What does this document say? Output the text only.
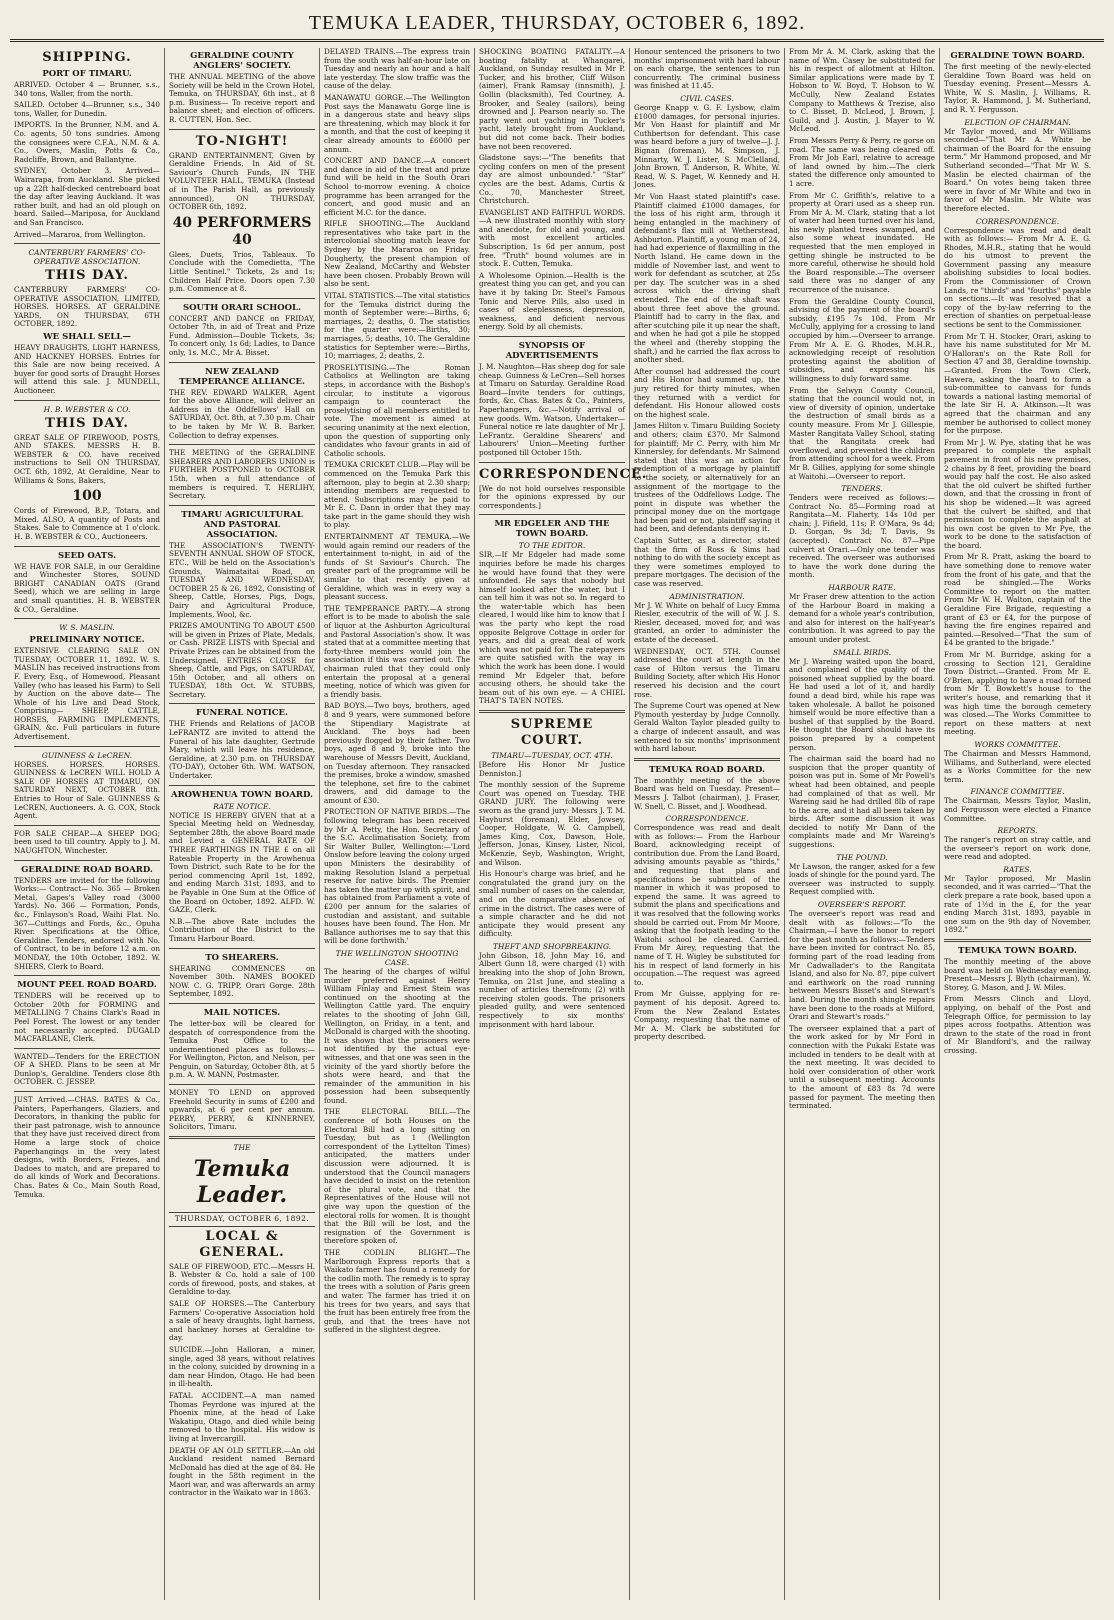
TEMUKA LEADER, THURSDAY, OCTOBER 6, 1892.
SHIPPING.
PORT OF TIMARU.

ARRIVED. October 4 — Brunner, s.s., 340 tons, Waller, from the north.

SAILED. October 4—Brunner, s.s., 340 tons, Waller, for Dunedin.

IMPORTS. In the Brunner, N.M. and A. Co. agents, 50 tons sundries. Among the consignees were C.F.A., N.M. & A. Co., Owers, Maslin, Potts & Co., Radcliffe, Brown, and Ballantyne.

SYDNEY, October 3. Arrived—Wairarapa, from Auckland. She picked up a 22ft half-decked centreboard boat the day after leaving Auckland. It was rather built, and had an old plough on board. Sailed—Mariposa, for Auckland and San Francisco.

Arrived—Mararoa, from Wellington.

CANTERBURY FARMERS' CO-OPERATIVE ASSOCIATION.
THIS DAY.

CANTERBURY FARMERS' CO-OPERATIVE ASSOCIATION, LIMITED, HORSES. HORSES. AT GERALDINE YARDS, ON THURSDAY, 6TH OCTOBER, 1892.

WE SHALL SELL—

HEAVY DRAUGHTS, LIGHT HARNESS, AND HACKNEY HORSES. Entries for this Sale are now being received. A buyer for good sorts of Draught Horses will attend this sale. J. MUNDELL, Auctioneer.

H. B. WEBSTER & CO.
THIS DAY.

GREAT SALE OF FIREWOOD, POSTS, AND STAKES. MESSRS H. B. WEBSTER & CO. have received instructions to Sell ON THURSDAY, OCT. 6th, 1892, At Geraldine, Near to Williams & Sons, Bakers,

100

Cords of Firewood, B.P., Totara, and Mixed. ALSO, A quantity of Posts and Stakes. Sale to Commence at 1 o'clock. H. B. WEBSTER & CO., Auctioneers.

SEED OATS.

WE HAVE FOR SALE, in our Geraldine and Winchester Stores, SOUND BRIGHT CANADIAN OATS (Grand Seed), which we are selling in large and small quantities. H. B. WEBSTER & CO., Geraldine.

W. S. MASLIN.
PRELIMINARY NOTICE.

EXTENSIVE CLEARING SALE ON TUESDAY, OCTOBER 11, 1892. W. S. MASLIN has received instructions from F. Every, Esq., of Homewood, Pleasant Valley (who has leased his Farm) to Sell by Auction on the above date— The Whole of his Live and Dead Stock, Comprising— SHEEP, CATTLE, HORSES, FARMING IMPLEMENTS, GRAIN, &c. Full particulars in future Advertisement.

GUINNESS & LeCREN.

HORSES. HORSES. HORSES. GUINNESS & LeCREN WILL HOLD A SALE OF HORSES AT TIMARU, ON SATURDAY NEXT, OCTOBER 8th. Entries to Hour of Sale. GUINNESS & LeCREN, Auctioneers. A. G. COX, Stock Agent.

FOR SALE CHEAP.—A SHEEP DOG; been used to till country. Apply to J. M. NAUGHTON, Winchester.

GERALDINE ROAD BOARD.

TENDERS are invited for the following Works:— Contract— No. 365 — Broken Metal, Gapes's Valley road (3000 Yards). No. 366 — Formation, Ponds, &c., Finlayson's Road, Waihi Flat. No. 367—Cuttings and Fords, &c., Opuha River. Specifications at the Office, Geraldine. Tenders, endorsed with No. of Contract, to be in before 12 a.m. on MONDAY, the 10th October, 1892. W. SHIERS, Clerk to Board.

MOUNT PEEL ROAD BOARD.

TENDERS will be received up to October 20th for FORMING and METALLING 7 Chains Clark's Road in Peel Forest. The lowest or any tender not necessarily accepted. DUGALD MACFARLANE, Clerk.

WANTED—Tenders for the ERECTION OF A SHED. Plans to be seen at Mr Dunlop's, Geraldine. Tenders close 8th OCTOBER. C. JESSEP.

JUST Arrived.—CHAS. BATES & Co., Painters, Paperhangers, Glaziers, and Decorators, in thanking the public for their past patronage, wish to announce that they have just received direct from Home a large stock of choice Paperhangings in the very latest designs, with Borders, Friezes, and Dadoes to match, and are prepared to do all kinds of Work and Decorations. Chas. Bates & Co., Main South Road, Temuka.

GERALDINE COUNTY ANGLERS' SOCIETY.

THE ANNUAL MEETING of the above Society will be held in the Crown Hotel, Temuka, on THURSDAY, 6th inst., at 8 p.m. Business— To receive report and balance sheet; and election of officers. R. CUTTEN, Hon. Sec.

TO-NIGHT!

GRAND ENTERTAINMENT, Given by Geraldine Friends, In Aid of St. Saviour's Church Funds, IN THE VOLUNTEER HALL, TEMUKA (Instead of in The Parish Hall, as previously announced), ON THURSDAY, OCTOBER 6th, 1892.

40 PERFORMERS 40

Glees, Duets, Trios, Tableaux. To Conclude with the Comedietta, "The Little Sentinel." Tickets, 2s and 1s; Children Half Price. Doors open 7.30 p.m. Commence at 8.

SOUTH ORARI SCHOOL.

CONCERT AND DANCE on FRIDAY, October 7th, in aid of Treat and Prize Fund. Admission—Double Tickets, 3s; To concert only, 1s 6d; Ladies, to Dance only, 1s. M.C., Mr A. Bisset.

NEW ZEALAND TEMPERANCE ALLIANCE.

THE REV. EDWARD WALKER, Agent for the above Alliance, will deliver an Address in the Oddfellows' Hall on SATURDAY, Oct. 8th, at 7.30 p.m. Chair to be taken by Mr W. B. Barker. Collection to defray expenses.

THE MEETING of the GERALDINE SHEARERS AND LABORERS UNION is FURTHER POSTPONED to OCTOBER 15th, when a full attendance of members is required. T. HERLIHY, Secretary.

TIMARU AGRICULTURAL AND PASTORAL ASSOCIATION.

THE ASSOCIATION'S TWENTY-SEVENTH ANNUAL SHOW OF STOCK, ETC., Will be held on the Association's Grounds, Waimataitai Road, on TUESDAY AND WEDNESDAY, OCTOBER 25 & 26, 1892, Consisting of Sheep, Cattle, Horses, Pigs, Dogs, Dairy and Agricultural Produce, Implements, Wool, &c.

PRIZES AMOUNTING TO ABOUT £500 will be given in Prizes of Plate, Medals, or Cash. PRIZE LISTS with Special and Private Prizes can be obtained from the Undersigned. ENTRIES CLOSE for Sheep, Cattle, and Pigs, on SATURDAY, 15th October, and all others on TUESDAY, 18th Oct. W. STUBBS, Secretary.

FUNERAL NOTICE.

THE Friends and Relations of JACOB LeFRANTZ are invited to attend the Funeral of his late daughter, Gertrude Mary, which will leave his residence, Geraldine, at 2.30 p.m. on THURSDAY (TO-DAY), October 6th. WM. WATSON, Undertaker.

AROWHENUA TOWN BOARD.
RATE NOTICE.

NOTICE IS HEREBY GIVEN that at a Special Meeting held on Wednesday, September 28th, the above Board made and Levied a GENERAL RATE OF THREE FARTHINGS IN THE £ on all Rateable Property in the Arowhenua Town District, such Rate to be for the period commencing April 1st, 1892, and ending March 31st, 1893, and to be Payable in One Sum at the Office of the Board on October, 1892. ALFD. W. GAZE, Clerk.

N.B.—The above Rate includes the Contribution of the District to the Timaru Harbour Board.

TO SHEARERS.

SHEARING COMMENCES on November 30th. NAMES BOOKED NOW. C. G. TRIPP, Orari Gorge. 28th September, 1892.

MAIL NOTICES.

The letter-box will be cleared for despatch of correspondence from the Temuka Post Office to the undermentioned places as follows:— For Wellington, Picton, and Nelson, per Penguin, on Saturday, October 8th, at 5 p.m. A. W. MANN, Postmaster.

MONEY TO LEND on approved Freehold Security in sums of £200 and upwards, at 6 per cent per annum. PERRY, PERRY, & KINNERNEY, Solicitors, Timaru.

THE
Temuka Leader.
THURSDAY, OCTOBER 6, 1892.
LOCAL & GENERAL.

SALE OF FIREWOOD, ETC.—Messrs H. B. Webster & Co. hold a sale of 100 cords of firewood, posts, and stakes, at Geraldine to-day.

SALE OF HORSES.—The Canterbury Farmers' Co-operative Association hold a sale of heavy draughts, light harness, and hackney horses at Geraldine to-day.

SUICIDE.—John Halloran, a miner, single, aged 38 years, without relatives in the colony, suicided by drowning in a dam near Hindon, Otago. He had been in ill-health.

FATAL ACCIDENT.—A man named Thomas Feyrdone was injured at the Phoenix mine, at the head of Lake Wakatipu, Otago, and died while being removed to the hospital. His widow is living at Invercargill.

DEATH OF AN OLD SETTLER.—An old Auckland resident named Bernard McDonald has died at the age of 84. He fought in the 58th regiment in the Maori war, and was afterwards an army contractor in the Waikato war in 1863.

DELAYED TRAINS.—The express train from the south was half-an-hour late on Tuesday and nearly an hour and a half late yesterday. The slow traffic was the cause of the delay.

MANAWATU GORGE.—The Wellington Post says the Manawatu Gorge line is in a dangerous state and heavy slips are threatening, which may block it for a month, and that the cost of keeping it clear already amounts to £6000 per annum.

CONCERT AND DANCE.—A concert and dance in aid of the treat and prize fund will be held in the South Orari School to-morrow evening. A choice programme has been arranged for the concert, and good music and an efficient M.C. for the dance.

RIFLE SHOOTING.—The Auckland representatives who take part in the intercolonial shooting match leave for Sydney by the Mararoa on Friday. Dougherty, the present champion of New Zealand, McCarthy and Webster have been chosen. Probably Brown will also be sent.

VITAL STATISTICS.—The vital statistics for the Temuka district during the month of September were:—Births, 6; marriages, 2; deaths, 0. The statistics for the quarter were:—Births, 30; marriages, 5; deaths, 10. The Geraldine statistics for September were:—Births, 10; marriages, 2; deaths, 2.

PROSELYTISING.—The Roman Catholics at Wellington are taking steps, in accordance with the Bishop's circular, to institute a vigorous campaign to counteract the proselytising of all members entitled to vote. The movement is aimed at securing unanimity at the next election, upon the question of supporting only candidates who favour grants in aid of Catholic schools.

TEMUKA CRICKET CLUB.—Play will be commenced on the Temuka Park this afternoon, play to begin at 2.30 sharp; intending members are requested to attend. Subscriptions may be paid to Mr E. C. Dann in order that they may take part in the game should they wish to play.

ENTERTAINMENT AT TEMUKA.—We would again remind our readers of the entertainment to-night, in aid of the funds of St Saviour's Church. The greater part of the programme will be similar to that recently given at Geraldine, which was in every way a pleasant success.

THE TEMPERANCE PARTY.—A strong effort is to be made to abolish the sale of liquor at the Ashburton Agricultural and Pastoral Association's show. It was stated that at a committee meeting that forty-three members would join the association if this was carried out. The chairman ruled that they could only entertain the proposal at a general meeting, notice of which was given for a friendly basis.

BAD BOYS.—Two boys, brothers, aged 8 and 9 years, were summoned before the Stipendiary Magistrate at Auckland. The boys had been previously flogged by their father. Two boys, aged 8 and 9, broke into the warehouse of Messrs Devitt, Auckland, on Tuesday afternoon. They ransacked the premises, broke a window, smashed the telephone, set fire to the cabinet drawers, and did damage to the amount of £30.

PROTECTION OF NATIVE BIRDS.—The following telegram has been received by Mr A. Petty, the Hon. Secretary of the S.C. Acclimatisation Society, from Sir Walter Buller, Wellington:—'Lord Onslow before leaving the colony urged upon Ministers the desirability of making Resolution Island a perpetual reserve for native birds. The Premier has taken the matter up with spirit, and has obtained from Parliament a vote of £200 per annum for the salaries of custodian and assistant, and suitable houses have been found. The Hon. Mr Ballance authorises me to say that this will be done forthwith.'

THE WELLINGTON SHOOTING CASE.

The hearing of the charges of wilful murder preferred against Henry William Finlay and Ernest Stein was continued on the shooting at the Wellington Cattle yard. The enquiry relates to the shooting of John Gill, Wellington, on Friday, in a tent, and McDonald is charged with the shooting. It was shown that the prisoners were not identified by the actual eye-witnesses, and that one was seen in the vicinity of the yard shortly before the shots were heard, and that the remainder of the ammunition in his possession had been subsequently found.

THE ELECTORAL BILL.—The conference of both Houses on the Electoral Bill had a long sitting on Tuesday, but as 1 (Wellington correspondent of the Lyttelton Times) anticipated, the matters under discussion were adjourned. It is understood that the Council managers have decided to insist on the retention of the plural vote, and that the Representatives of the House will not give way upon the question of the electoral rolls for women. It is thought that the Bill will be lost, and the resignation of the Government is therefore spoken of.

THE CODLIN BLIGHT.—The Marlborough Express reports that a Waikato farmer has found a remedy for the codlin moth. The remedy is to spray the trees with a solution of Paris green and water. The farmer has tried it on his trees for two years, and says that the fruit has been entirely free from the grub, and that the trees have not suffered in the slightest degree.

SHOCKING BOATING FATALITY.—A boating fatality at Whangarei, Auckland, on Sunday resulted in Mr P. Tucker, and his brother, Cliff Wilson (aimer), Frank Ramsay (innsmith), J. Gollin (blacksmith), Ted Courtney, A. Brooker, and Sealey (sailors), being drowned and J. Pearson nearly so. The party went out yachting in Tucker's yacht, lately brought from Auckland, but did not come back. Their bodies have not been recovered.

Gladstone says:—"The benefits that cycling confers on men of the present day are almost unbounded." "Star" cycles are the best. Adams, Curtis & Co., 70, Manchester Street, Christchurch.

EVANGELIST AND FAITHFUL WORDS.—A new illustrated monthly with story and anecdote, for old and young, and with most excellent articles. Subscription, 1s 6d per annum, post free. "Truth" bound volumes are in stock. E. Cutten, Temuka.

A Wholesome Opinion.—Health is the greatest thing you can get, and you can have it by taking Dr. Steel's Famous Tonic and Nerve Pills, also used in cases of sleeplessness, depression, weakness, and deficient nervous energy. Sold by all chemists.

SYNOPSIS OF ADVERTISEMENTS

J. M. Naughton—Has sheep dog for sale cheap. Guinness & LeCren—Sell horses at Timaru on Saturday. Geraldine Road Board—Invite tenders for cuttings, fords, &c. Chas. Bates & Co., Painters, Paperhangers, &c.—Notify arrival of new goods. Wm. Watson, Undertaker—Funeral notice re late daughter of Mr J. LeFrantz. Geraldine Shearers' and Labourers' Union—Meeting further postponed till October 15th.

CORRESPONDENCE.

[We do not hold ourselves responsible for the opinions expressed by our correspondents.]

MR EDGELER AND THE TOWN BOARD.
TO THE EDITOR.

SIR,—If Mr Edgeler had made some inquiries before he made his charges he would have found that they were unfounded. He says that nobody but himself looked after the water, but I can tell him it was not so. In regard to the water-table which has been cleared, I would like him to know that I was the party who kept the road opposite Belgrove Cottage in order for years, and did a great deal of work which was not paid for. The ratepayers are quite satisfied with the way in which the work has been done. I would remind Mr Edgeler that, before accusing others, he should take the beam out of his own eye. — A CHIEL THAT'S TA'EN NOTES.

SUPREME COURT.
TIMARU—TUESDAY, OCT. 4TH.

[Before His Honor Mr Justice Denniston.]

The monthly session of the Supreme Court was opened on Tuesday. THE GRAND JURY. The following were sworn as the grand jury: Messrs J. T. M. Hayhurst (foreman), Elder, Jowsey, Cooper, Holdgate, W. G. Campbell, James King, Cox, Dawson, Hole, Jefferson, Jonas, Kinsey, Lister, Nicol, McKenzie, Seyb, Washington, Wright, and Wilson.

His Honour's charge was brief, and he congratulated the grand jury on the small number of cases on the calendar, and on the comparative absence of crime in the district. The cases were of a simple character and he did not anticipate they would present any difficulty.

THEFT AND SHOPBREAKING.

John Gibson, 18, John May 16, and Albert Gunn 18, were charged (1) with breaking into the shop of John Brown, Temuka, on 21st June, and stealing a number of articles therefrom; (2) with receiving stolen goods. The prisoners pleaded guilty, and were sentenced respectively to six months' imprisonment with hard labour.

Honour sentenced the prisoners to two months' imprisonment with hard labour on each charge, the sentences to run concurrently. The criminal business was finished at 11.45.

CIVIL CASES.

George Knapp v. G. F. Lysbow, claim £1000 damages, for personal injuries. Mr Von Haast for plaintiff and Mr Cuthbertson for defendant. This case was heard before a jury of twelve—J. J. Bignan (foreman), M. Simpson, J. Minnarty, W. J. Lister, S. McClelland, John Brown, T. Anderson, R. White, W. Read, W. S. Paget, W. Kennedy and H. Jones.

Mr Von Haast stated plaintiff's case. Plaintiff claimed £1000 damages, for the loss of his right arm, through it being entangled in the machinery of defendant's flax mill at Wetherstead, Ashburton. Plaintiff, a young man of 24, had had experience of flaxmilling in the North Island. He came down in the middle of November last, and went to work for defendant as scutcher, at 25s per day. The scutcher was in a shed across which the driving shaft extended. The end of the shaft was about three feet above the ground. Plaintiff had to carry in the flax, and after scutching pile it up near the shaft, and when he had got a pile he stopped the wheel and (thereby stopping the shaft,) and he carried the flax across to another shed.

After counsel had addressed the court and His Honor had summed up, the jury retired for thirty minutes, when they returned with a verdict for defendant. His Honour allowed costs on the highest scale.

James Hilton v. Timaru Building Society and others; claim £370. Mr Salmond for plaintiff; Mr C. Perry, with him Mr Kinnersley, for defendants. Mr Salmond stated that this was an action for redemption of a mortgage by plaintiff to the society, or alternatively for an assignment of the mortgage to the trustees of the Oddfellows Lodge. The point in dispute was whether the principal money due on the mortgage had been paid or not, plaintiff saying it had been, and defendants denying it.

Captain Sutter, as a director, stated that the firm of Ross & Sims had nothing to do with the society except as they were sometimes employed to prepare mortgages. The decision of the case was reserved.

ADMINISTRATION.

Mr J. W. White on behalf of Lucy Emma Riesler, executrix of the will of W. J. S. Riesler, deceased, moved for, and was granted, an order to administer the estate of the deceased.

WEDNESDAY, OCT. 5TH. Counsel addressed the court at length in the case of Hilton versus the Timaru Building Society, after which His Honor reserved his decision and the court rose.

The Supreme Court was opened at New Plymouth yesterday by Judge Connolly. Gerald Walton Taylor pleaded guilty to a charge of indecent assault, and was sentenced to six months' imprisonment with hard labour.

TEMUKA ROAD BOARD.

The monthly meeting of the above Board was held on Tuesday. Present—Messrs J. Talbot (chairman), J. Fraser, W. Snell, C. Bisset, and J. Woodhead.

CORRESPONDENCE.

Correspondence was read and dealt with as follows:— From the Harbour Board, acknowledging receipt of contribution due. From the Land Board, advising amounts payable as "thirds," and requesting that plans and specifications be submitted of the manner in which it was proposed to expend the same. It was agreed to submit the plans and specifications and it was resolved that the following works should be carried out. From Mr Moore, asking that the footpath leading to the Waitohi school be cleared. Carried. From Mr Airey, requesting that the name of T. H. Wigley be substituted for his in respect of land formerly in his occupation.—The request was agreed to.

From Mr Guisse, applying for re-payment of his deposit. Agreed to. From the New Zealand Estates Company, requesting that the name of Mr A. M. Clark be substituted for property described.

From Mr A. M. Clark, asking that the name of Wm. Casey be substituted for his in respect of allotment at Hilton. Similar applications were made by T. Hobson to W. Boyd, T. Hobson to W. McCully, New Zealand Estates Company to Matthews & Trezise, also to C. Bisset, D. McLeod, J. Brown, J. Guild, and J. Austin, J. Mayer to W. McLeod.

From Messrs Perry & Perry, re gorse on road. The same was being cleared off. From Mr Job Earl, relative to acreage of land owned by him.—The clerk stated the difference only amounted to 1 acre.

From Mr C. Griffith's, relative to a property at Orari used as a sheep run. From Mr A. M. Clark, stating that a lot of water had been turned over his land, his newly planted trees swamped, and also some wheat inundated. He requested that the men employed in getting shingle be instructed to be more careful, otherwise he should hold the Board responsible.—The overseer said there was no danger of any recurrence of the nuisance.

From the Geraldine County Council, advising of the payment of the board's subsidy, £195 7s 10d. From Mr McCully, applying for a crossing to land occupied by him.—Overseer to arrange. From Mr A. E. G. Rhodes, M.H.R., acknowledging receipt of resolution protesting against the abolition of subsidies, and expressing his willingness to duly forward same.

From the Selwyn County Council, stating that the council would not, in view of diversity of opinion, undertake the destruction of small birds as a county measure. From Mr J. Gillespie, Master Rangitata Valley School, stating that the Rangitata creek had overflowed, and prevented the children from attending school for a week. From Mr B. Gillies, applying for some shingle at Waitohi.—Overseer to report.

TENDERS.

Tenders were received as follows:— Contract No. 85—Forming road at Rangitata—M. Flaherty, 14s 10d per chain; J. Fifield, 11s; P. O'Mara, 9s 4d; D. Gorgan, 9s 3d; T. Davis, 9s (accepted). Contract No. 87—Pipe culvert at Orari.—Only one tender was received. The overseer was authorised to have the work done during the month.

HARBOUR RATE.

Mr Fraser drew attention to the action of the Harbour Board in making a demand for a whole year's contribution, and also for interest on the half-year's contribution. It was agreed to pay the amount under protest.

SMALL BIRDS.

Mr J. Wareing waited upon the board, and complained of the quality of the poisoned wheat supplied by the board. He had used a lot of it, and hardly found a dead bird, while his rape was taken wholesale. A ballot he poisoned himself would be more effective than a bushel of that supplied by the Board. He thought the Board should have its poison prepared by a competent person.

The chairman said the board had no suspicion that the proper quantity of poison was put in. Some of Mr Powell's wheat had been obtained, and people had complained of that as well. Mr Wareing said he had drilled 8lb of rape to the acre, and it had all been taken by birds. After some discussion it was decided to notify Mr Dann of the complaints made and Mr Wareing's suggestions.

THE POUND.

Mr Lawson, the ranger, asked for a few loads of shingle for the pound yard. The overseer was instructed to supply. Request complied with.

OVERSEER'S REPORT.

The overseer's report was read and dealt with as follows:—"To the Chairman,—I have the honor to report for the past month as follows:—Tenders have been invited for contract No. 85, forming part of the road leading from Mr Cadwallader's to the Rangitata Island, and also for No. 87, pipe culvert and earthwork on the road running between Messrs Bisset's and Stewart's land. During the month shingle repairs have been done to the roads at Milford, Orari and Stewart's roads."

The overseer explained that a part of the work asked for by Mr Ford in connection with the Pukaki Estate was included in tenders to be dealt with at the next meeting. It was decided to hold over consideration of other work until a subsequent meeting. Accounts to the amount of £83 8s 7d were passed for payment. The meeting then terminated.

GERALDINE TOWN BOARD.

The first meeting of the newly-elected Geraldine Town Board was held on Tuesday evening. Present—Messrs A. White, W. S. Maslin, J. Williams, R. Taylor, R. Hammond, J. M. Sutherland, and R. Y. Fergusson.

ELECTION OF CHAIRMAN.

Mr Taylor moved, and Mr Williams seconded—"That Mr A. White be chairman of the Board for the ensuing term." Mr Hammond proposed, and Mr Sutherland seconded—"That Mr W. S. Maslin be elected chairman of the Board." On votes being taken three were in favor of Mr White and two in favor of Mr Maslin. Mr White was therefore elected.

CORRESPONDENCE.

Correspondence was read and dealt with as follows:— From Mr A. E. G. Rhodes, M.H.R., stating that he would do his utmost to prevent the Government passing any measure abolishing subsidies to local bodies. From the Commissioner of Crown Lands, re "thirds" and "fourths" payable on sections.—It was resolved that a copy of the by-law referring to the erection of shanties on perpetual-lease sections be sent to the Commissioner.

From Mr T. H. Stocker, Orari, asking to have his name substituted for Mr M. O'Halloran's on the Rate Roll for Section 47 and 38, Geraldine township.—Granted. From the Town Clerk, Hawera, asking the board to form a sub-committee to canvass for funds towards a national lasting memorial of the late Sir H. A. Atkinson.—It was agreed that the chairman and any member be authorised to collect money for the purpose.

From Mr J. W. Pye, stating that he was prepared to complete the asphalt pavement in front of his new premises, 2 chains by 8 feet, providing the board would pay half the cost. He also asked that the old culvert be shifted further down, and that the crossing in front of his shop be widened.—It was agreed that the culvert be shifted, and that permission to complete the asphalt at his own cost be given to Mr Pye, the work to be done to the satisfaction of the board.

From Mr R. Pratt, asking the board to have something done to remove water from the front of his gate, and that the road be shingled.—The Works Committee to report on the matter. From Mr W. H. Walton, captain of the Geraldine Fire Brigade, requesting a grant of £3 or £4, for the purpose of having the fire engines repaired and painted.—Resolved—"That the sum of £4 be granted to the brigade."

From Mr M. Burridge, asking for a crossing to Section 121, Geraldine Town District.—Granted. From Mr E. O'Brien, applying to have a road formed from Mr T. Bowkett's house to the writer's house, and remarking that it was high time the borough cemetery was closed.—The Works Committee to report on these matters at next meeting.

WORKS COMMITTEE.

The Chairman and Messrs Hammond, Williams, and Sutherland, were elected as a Works Committee for the new term.

FINANCE COMMITTEE.

The Chairman, Messrs Taylor, Maslin, and Fergusson were elected a Finance Committee.

REPORTS.

The ranger's report on stray cattle, and the overseer's report on work done, were read and adopted.

RATES.

Mr Taylor proposed, Mr Maslin seconded, and it was carried—"That the clerk prepare a rate book, based upon a rate of 1½d in the £, for the year ending March 31st, 1893, payable in one sum on the 9th day of November, 1892."

TEMUKA TOWN BOARD.

The monthly meeting of the above board was held on Wednesday evening. Present—Messrs J. Blyth (chairman), W. Storey, G. Mason, and J. W. Miles.

From Messrs Clinch and Lloyd, applying, on behalf of the Post and Telegraph Office, for permission to lay pipes across footpaths. Attention was drawn to the state of the road in front of Mr Blandford's, and the railway crossing.
